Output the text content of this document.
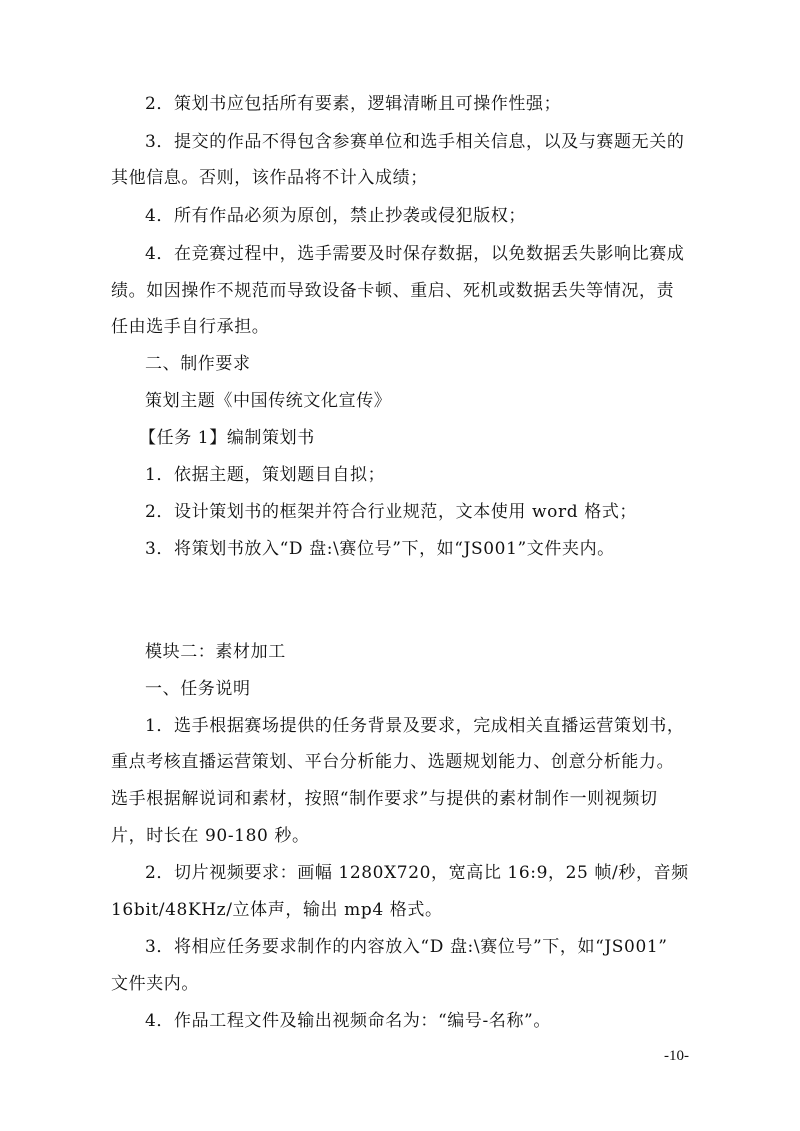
2．策划书应包括所有要素，逻辑清晰且可操作性强；
3．提交的作品不得包含参赛单位和选手相关信息，以及与赛题无关的
其他信息。否则，该作品将不计入成绩；
4．所有作品必须为原创，禁止抄袭或侵犯版权；
4．在竞赛过程中，选手需要及时保存数据，以免数据丢失影响比赛成
绩。如因操作不规范而导致设备卡顿、重启、死机或数据丢失等情况，责
任由选手自行承担。
二、制作要求
策划主题《中国传统文化宣传》
【任务 1】编制策划书
1．依据主题，策划题目自拟；
2．设计策划书的框架并符合行业规范，文本使用 word 格式；
3．将策划书放入“D 盘:\赛位号”下，如“JS001”文件夹内。
模块二：素材加工
一、任务说明
1．选手根据赛场提供的任务背景及要求，完成相关直播运营策划书，
重点考核直播运营策划、平台分析能力、选题规划能力、创意分析能力。
选手根据解说词和素材，按照“制作要求”与提供的素材制作一则视频切
片，时长在 90-180 秒。
2．切片视频要求：画幅 1280X720，宽高比 16:9，25 帧/秒，音频
16bit/48KHz/立体声，输出 mp4 格式。
3．将相应任务要求制作的内容放入“D 盘:\赛位号”下，如“JS001”
文件夹内。
4．作品工程文件及输出视频命名为：“编号-名称”。
-10-
